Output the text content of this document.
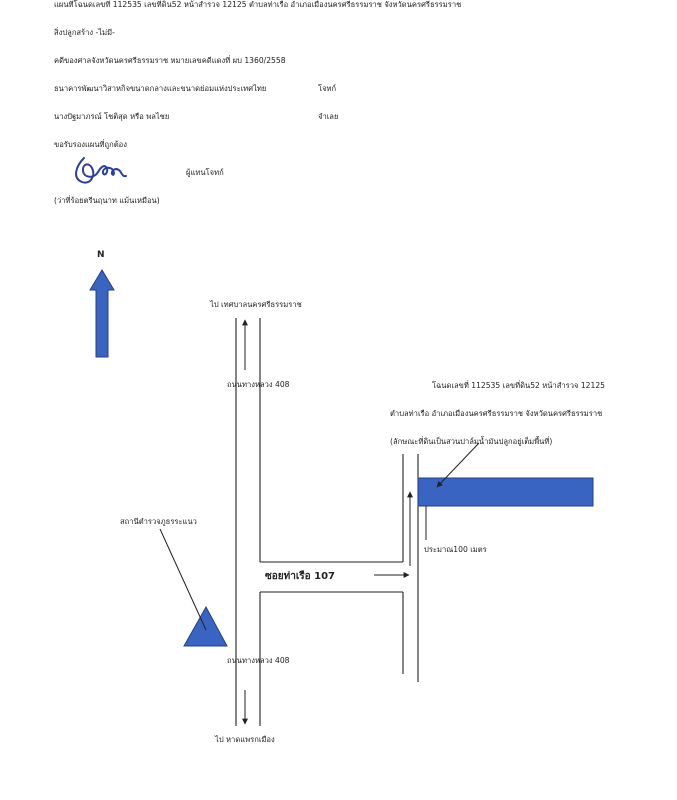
แผนที่โฉนดเลขที่ 112535 เลขที่ดิน52 หน้าสำรวจ 12125 ตำบลท่าเรือ อำเภอเมืองนครศรีธรรมราช จังหวัดนครศรีธรรมราช
สิ่งปลูกสร้าง -ไม่มี-
คดีของศาลจังหวัดนครศรีธรรมราช หมายเลขคดีแดงที่ ผบ 1360/2558
ธนาคารพัฒนาวิสาหกิจขนาดกลางและขนาดย่อมแห่งประเทศไทย	โจทก์
นางปัฐมาภรณ์ โชติสุด หรือ พลไชย	จำเลย
ขอรับรองแผนที่ถูกต้อง
ผู้แทนโจทก์
(ว่าที่ร้อยตรีนฤนาท แม้นเหมือน)
N
ไป เทศบาลนครศรีธรรมราช
ถนนทางหลวง 408
ถนนทางหลวง 408
ไป หาดแพรกเมือง
ซอยท่าเรือ 107
ประมาณ100 เมตร
สถานีตำรวจภูธรระแนว
โฉนดเลขที่ 112535 เลขที่ดิน52 หน้าสำรวจ 12125
ตำบลท่าเรือ อำเภอเมืองนครศรีธรรมราช จังหวัดนครศรีธรรมราช
(ลักษณะที่ดินเป็นสวนปาล์มน้ำมันปลูกอยู่เต็มพื้นที่)
